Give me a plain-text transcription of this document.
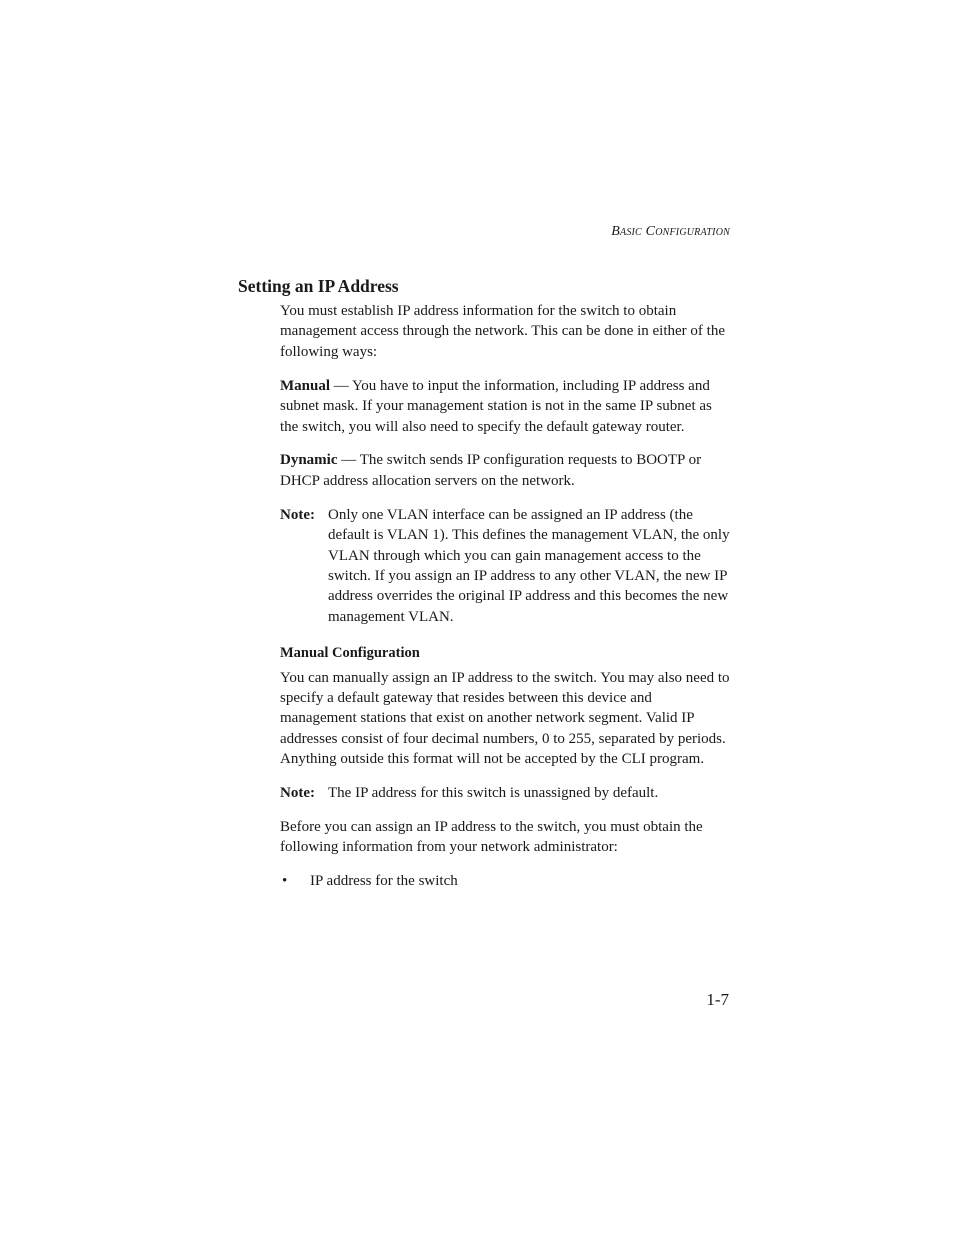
Basic Configuration
Setting an IP Address

You must establish IP address information for the switch to obtain management access through the network. This can be done in either of the following ways:

Manual — You have to input the information, including IP address and subnet mask. If your management station is not in the same IP subnet as the switch, you will also need to specify the default gateway router.

Dynamic — The switch sends IP configuration requests to BOOTP or DHCP address allocation servers on the network.

Note: Only one VLAN interface can be assigned an IP address (the default is VLAN 1). This defines the management VLAN, the only VLAN through which you can gain management access to the switch. If you assign an IP address to any other VLAN, the new IP address overrides the original IP address and this becomes the new management VLAN.
Manual Configuration

You can manually assign an IP address to the switch. You may also need to specify a default gateway that resides between this device and management stations that exist on another network segment. Valid IP addresses consist of four decimal numbers, 0 to 255, separated by periods. Anything outside this format will not be accepted by the CLI program.

Note: The IP address for this switch is unassigned by default.

Before you can assign an IP address to the switch, you must obtain the following information from your network administrator:

•	IP address for the switch
1-7
